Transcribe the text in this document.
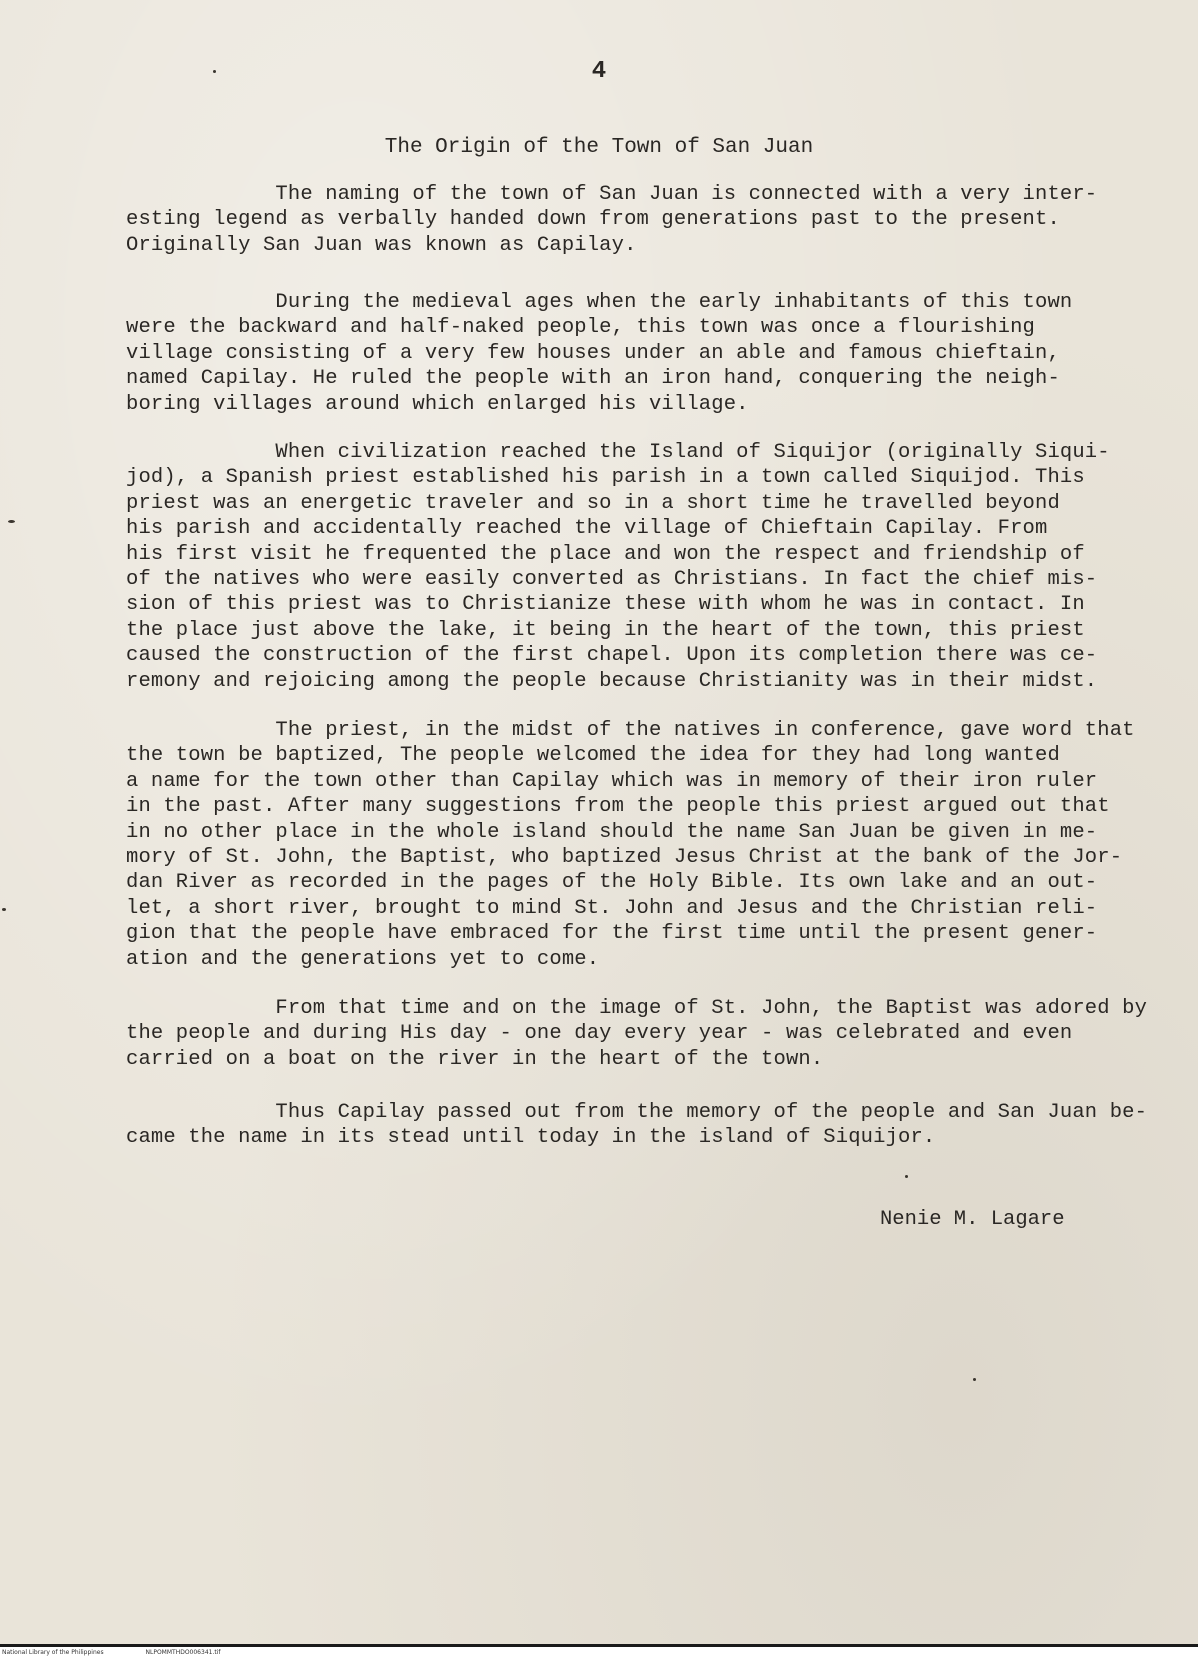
4
The Origin of the Town of San Juan
The naming of the town of San Juan is connected with a very inter-
esting legend as verbally handed down from generations past to the present.
Originally San Juan was known as Capilay.
During the medieval ages when the early inhabitants of this town
were the backward and half-naked people, this town was once a flourishing
village consisting of a very few houses under an able and famous chieftain,
named Capilay. He ruled the people with an iron hand, conquering the neigh-
boring villages around which enlarged his village.
When civilization reached the Island of Siquijor (originally Siqui-
jod), a Spanish priest established his parish in a town called Siquijod. This
priest was an energetic traveler and so in a short time he travelled beyond
his parish and accidentally reached the village of Chieftain Capilay. From
his first visit he frequented the place and won the respect and friendship of
of the natives who were easily converted as Christians. In fact the chief mis-
sion of this priest was to Christianize these with whom he was in contact. In
the place just above the lake, it being in the heart of the town, this priest
caused the construction of the first chapel. Upon its completion there was ce-
remony and rejoicing among the people because Christianity was in their midst.
The priest, in the midst of the natives in conference, gave word that
the town be baptized, The people welcomed the idea for they had long wanted
a name for the town other than Capilay which was in memory of their iron ruler
in the past. After many suggestions from the people this priest argued out that
in no other place in the whole island should the name San Juan be given in me-
mory of St. John, the Baptist, who baptized Jesus Christ at the bank of the Jor-
dan River as recorded in the pages of the Holy Bible. Its own lake and an out-
let, a short river, brought to mind St. John and Jesus and the Christian reli-
gion that the people have embraced for the first time until the present gener-
ation and the generations yet to come.
From that time and on the image of St. John, the Baptist was adored by
the people and during His day - one day every year - was celebrated and even
carried on a boat on the river in the heart of the town.
Thus Capilay passed out from the memory of the people and San Juan be-
came the name in its stead until today in the island of Siquijor.
Nenie M. Lagare
National Library of the Philippines	NLPOMMTHDO006341.tif
